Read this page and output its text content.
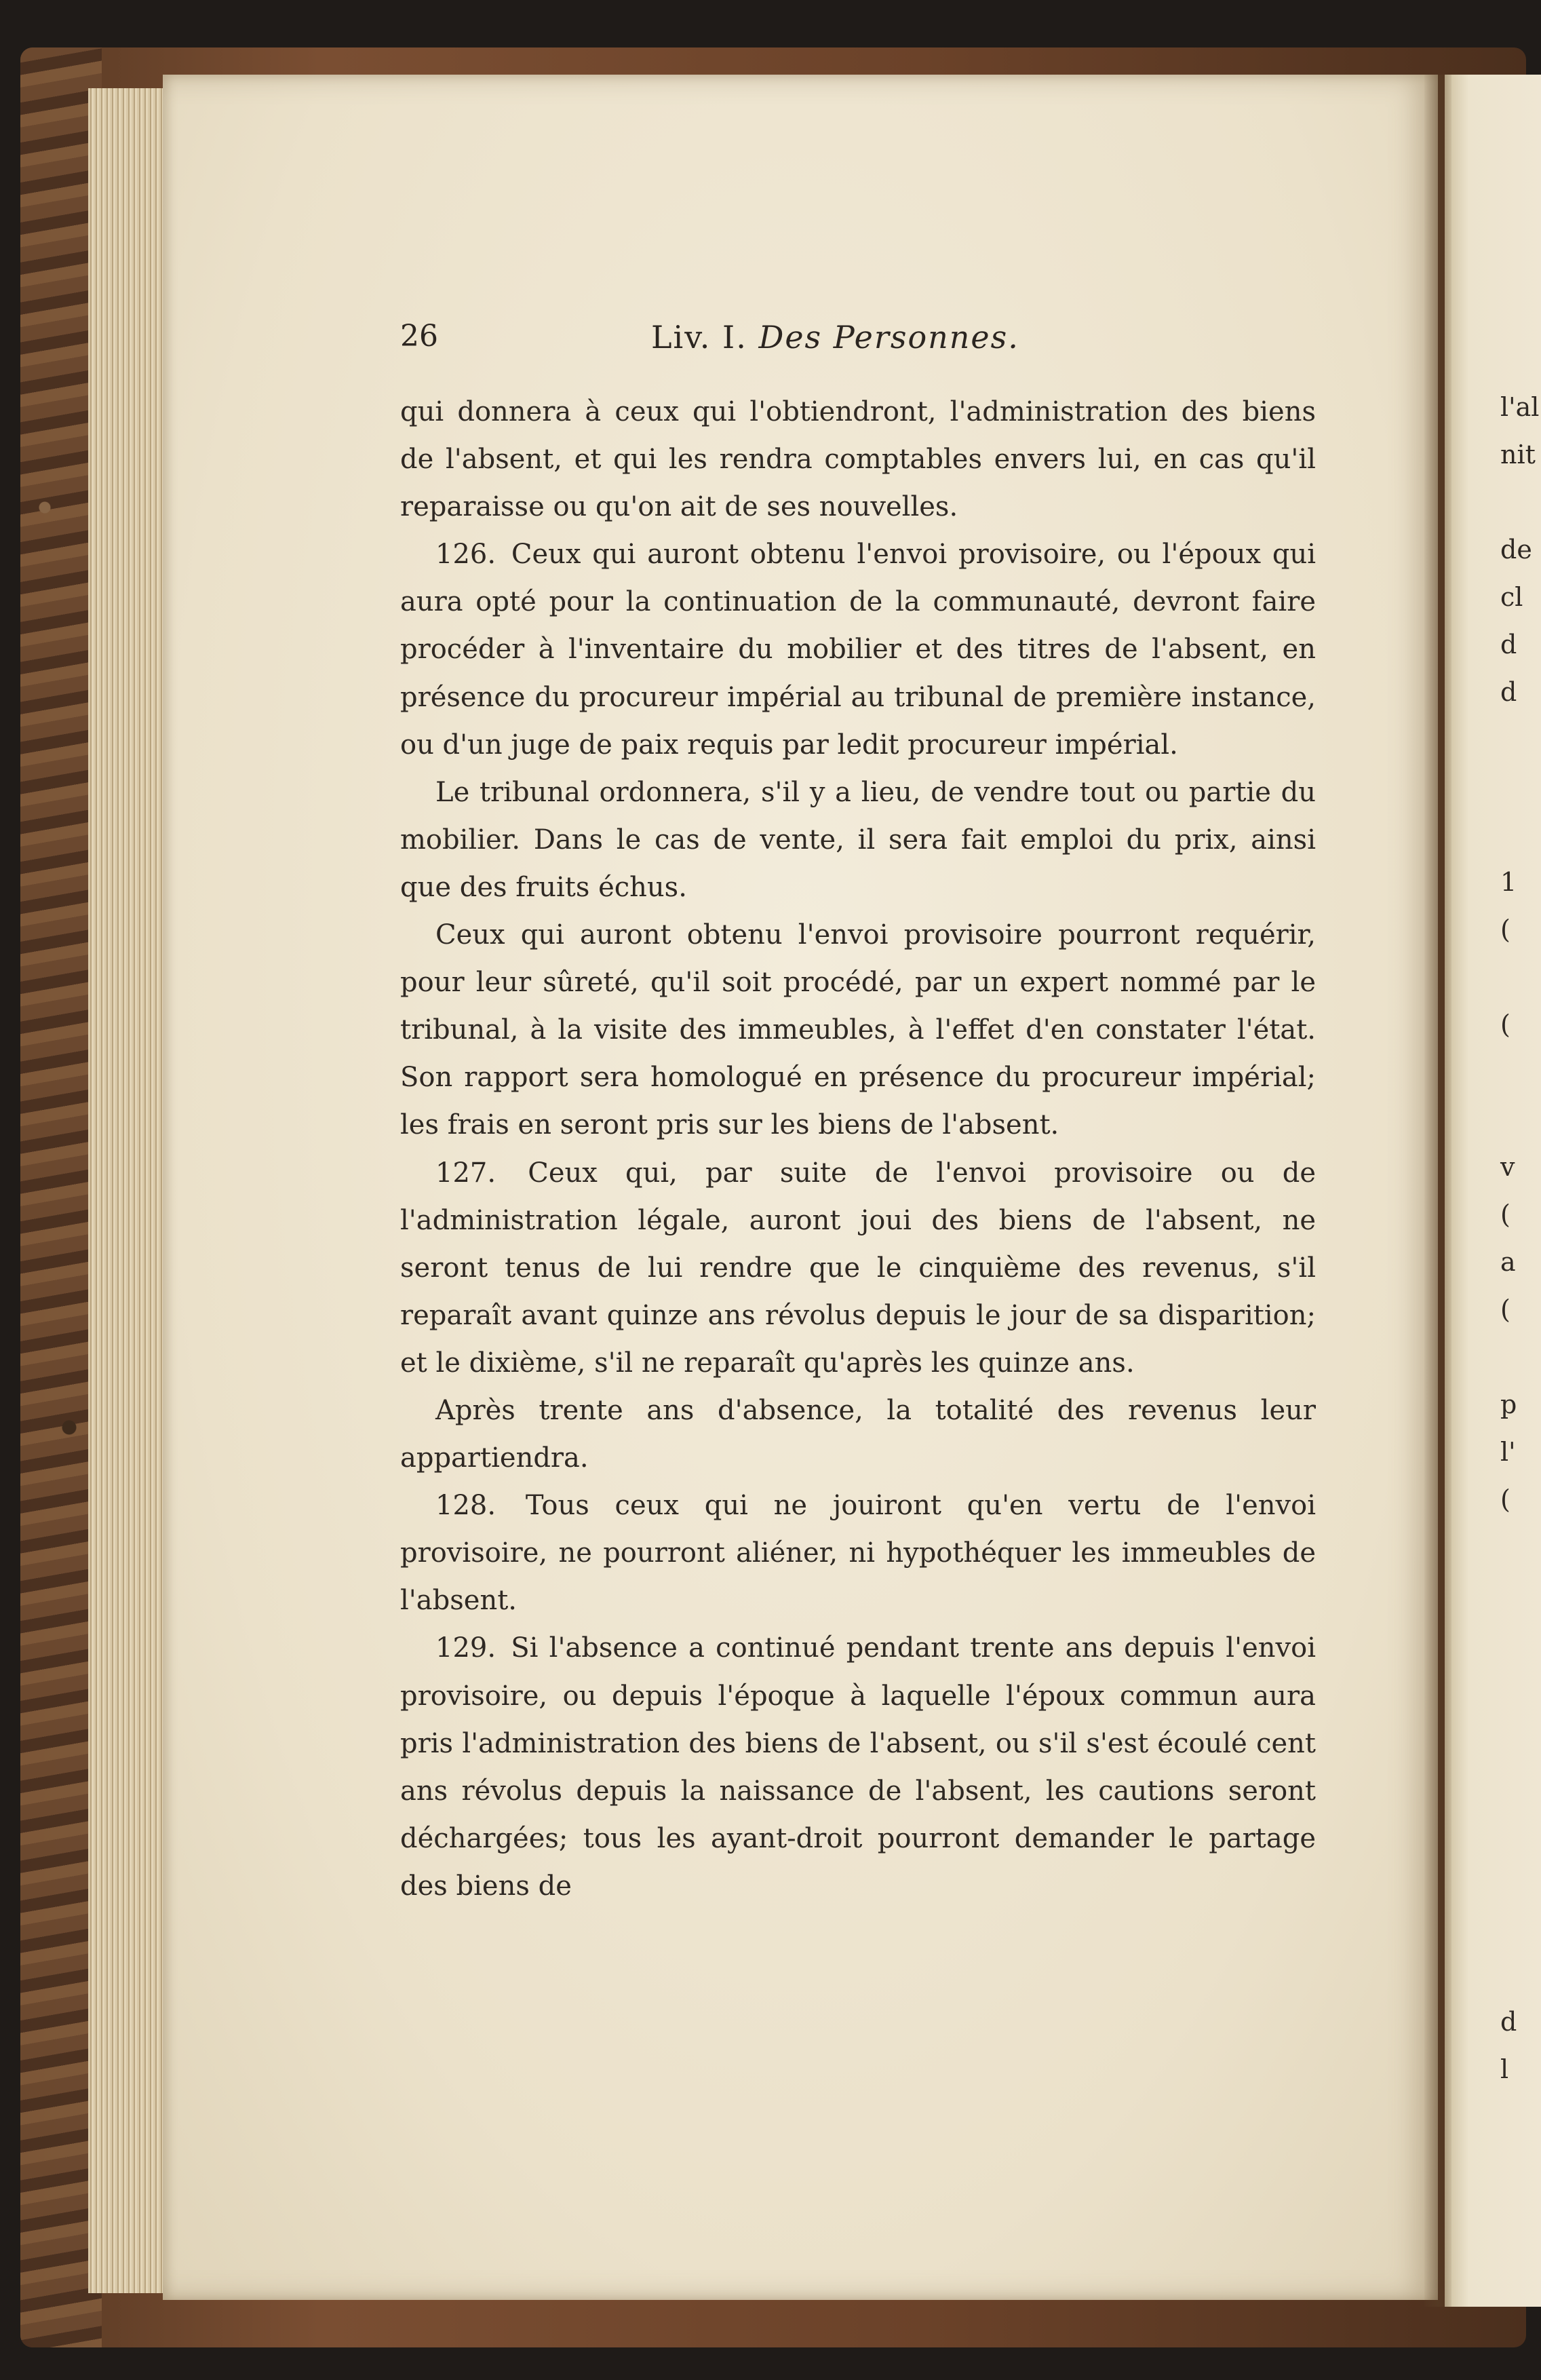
26	Liv. I. Des Personnes.

qui donnera à ceux qui l'obtiendront, l'administration des biens de l'absent, et qui les rendra comptables envers lui, en cas qu'il reparaisse ou qu'on ait de ses nouvelles.

126. Ceux qui auront obtenu l'envoi provisoire, ou l'époux qui aura opté pour la continuation de la communauté, devront faire procéder à l'inventaire du mobilier et des titres de l'absent, en présence du procureur impérial au tribunal de première instance, ou d'un juge de paix requis par ledit procureur impérial.

Le tribunal ordonnera, s'il y a lieu, de vendre tout ou partie du mobilier. Dans le cas de vente, il sera fait emploi du prix, ainsi que des fruits échus.

Ceux qui auront obtenu l'envoi provisoire pourront requérir, pour leur sûreté, qu'il soit procédé, par un expert nommé par le tribunal, à la visite des immeubles, à l'effet d'en constater l'état. Son rapport sera homologué en présence du procureur impérial; les frais en seront pris sur les biens de l'absent.

127. Ceux qui, par suite de l'envoi provisoire ou de l'administration légale, auront joui des biens de l'absent, ne seront tenus de lui rendre que le cinquième des revenus, s'il reparaît avant quinze ans révolus depuis le jour de sa disparition; et le dixième, s'il ne reparaît qu'après les quinze ans.

Après trente ans d'absence, la totalité des revenus leur appartiendra.

128. Tous ceux qui ne jouiront qu'en vertu de l'envoi provisoire, ne pourront aliéner, ni hypothéquer les immeubles de l'absent.

129. Si l'absence a continué pendant trente ans depuis l'envoi provisoire, ou depuis l'époque à laquelle l'époux commun aura pris l'administration des biens de l'absent, ou s'il s'est écoulé cent ans révolus depuis la naissance de l'absent, les cautions seront déchargées; tous les ayant-droit pourront demander le partage des biens de

l'al
nit
de
cl
d
d
1
(
(
v
(
a
(
p
l'
(
d
l
